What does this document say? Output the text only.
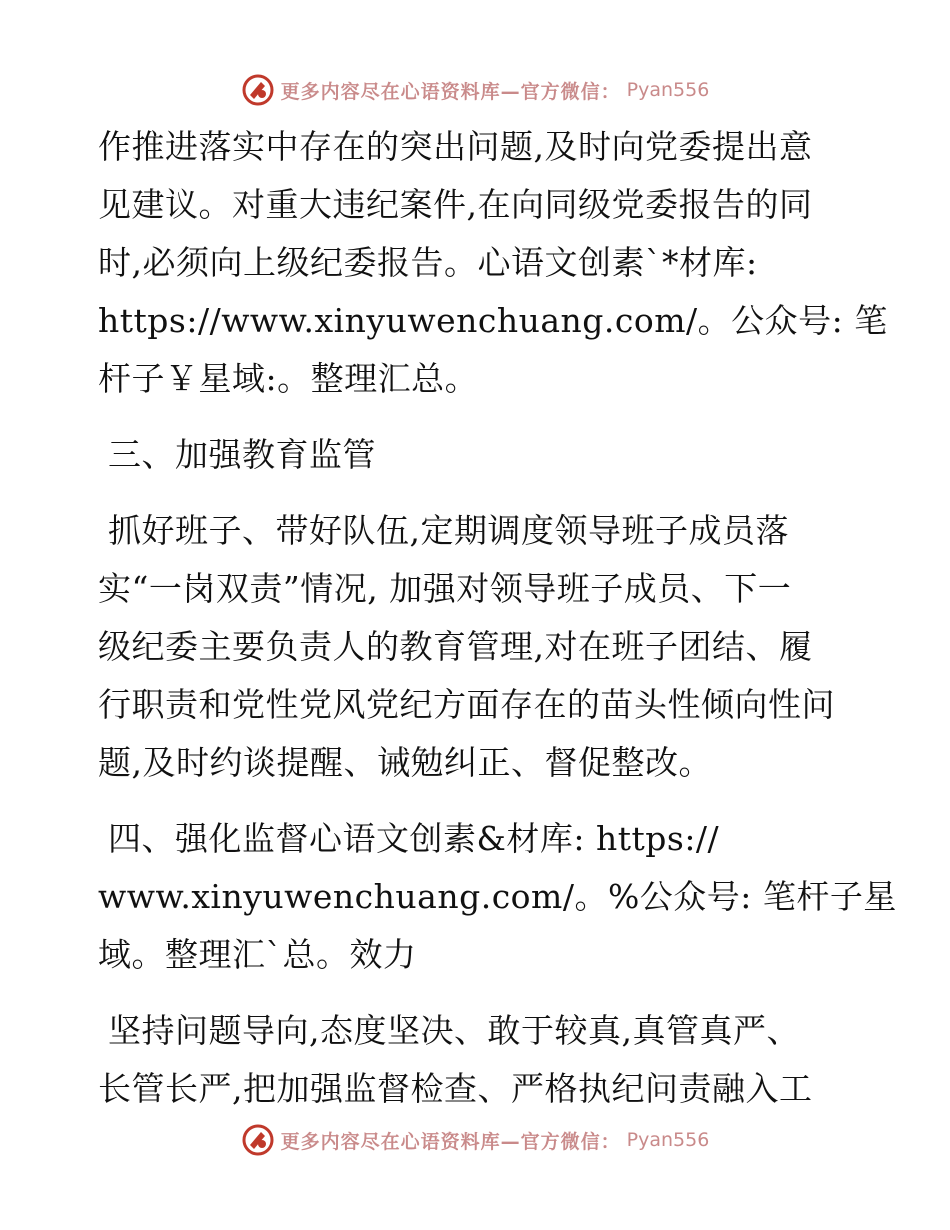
更多内容尽在心语资料库—官方微信： Pyan556
作推进落实中存在的突出问题,及时向党委提出意
见建议。对重大违纪案件,在向同级党委报告的同
时,必须向上级纪委报告。心语文创素`*材库:
https://www.xinyuwenchuang.com/。公众号: 笔
杆子￥星域:。整理汇总。
三、加强教育监管
抓好班子、带好队伍,定期调度领导班子成员落
实“一岗双责”情况, 加强对领导班子成员、下一
级纪委主要负责人的教育管理,对在班子团结、履
行职责和党性党风党纪方面存在的苗头性倾向性问
题,及时约谈提醒、诫勉纠正、督促整改。
四、强化监督心语文创素&材库: https://
www.xinyuwenchuang.com/。%公众号: 笔杆子星
域。整理汇`总。效力
坚持问题导向,态度坚决、敢于较真,真管真严、
长管长严,把加强监督检查、严格执纪问责融入工
更多内容尽在心语资料库—官方微信： Pyan556
